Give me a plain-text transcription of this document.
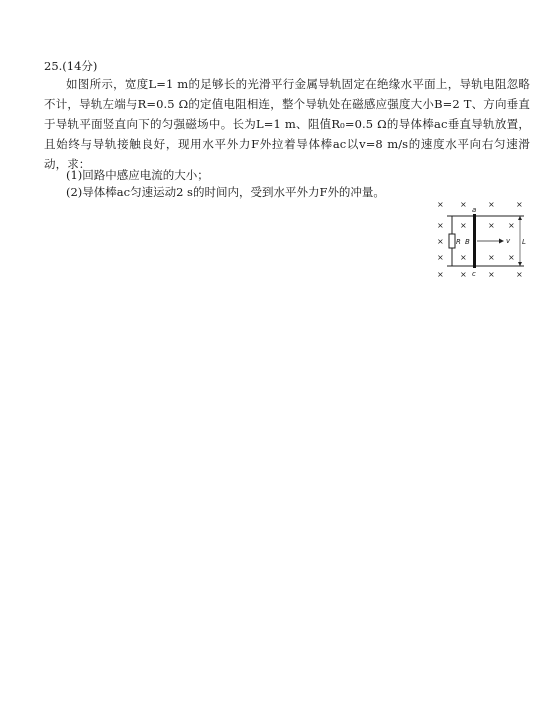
25.(14分)
如图所示，宽度L=1 m的足够长的光滑平行金属导轨固定在绝缘水平面上，导轨电阻忽略不计，导轨左端与R=0.5 Ω的定值电阻相连，整个导轨处在磁感应强度大小B=2 T、方向垂直于导轨平面竖直向下的匀强磁场中。长为L=1 m、阻值R₀=0.5 Ω的导体棒ac垂直导轨放置，且始终与导轨接触良好，现用水平外力F外拉着导体棒ac以v=8 m/s的速度水平向右匀速滑动，求：
(1)回路中感应电流的大小；
(2)导体棒ac匀速运动2 s的时间内，受到水平外力F外的冲量。
× ×	×	×
R B
a
c
v L
× ×	× ×
×
× ×	× ×
× ×	×	×
